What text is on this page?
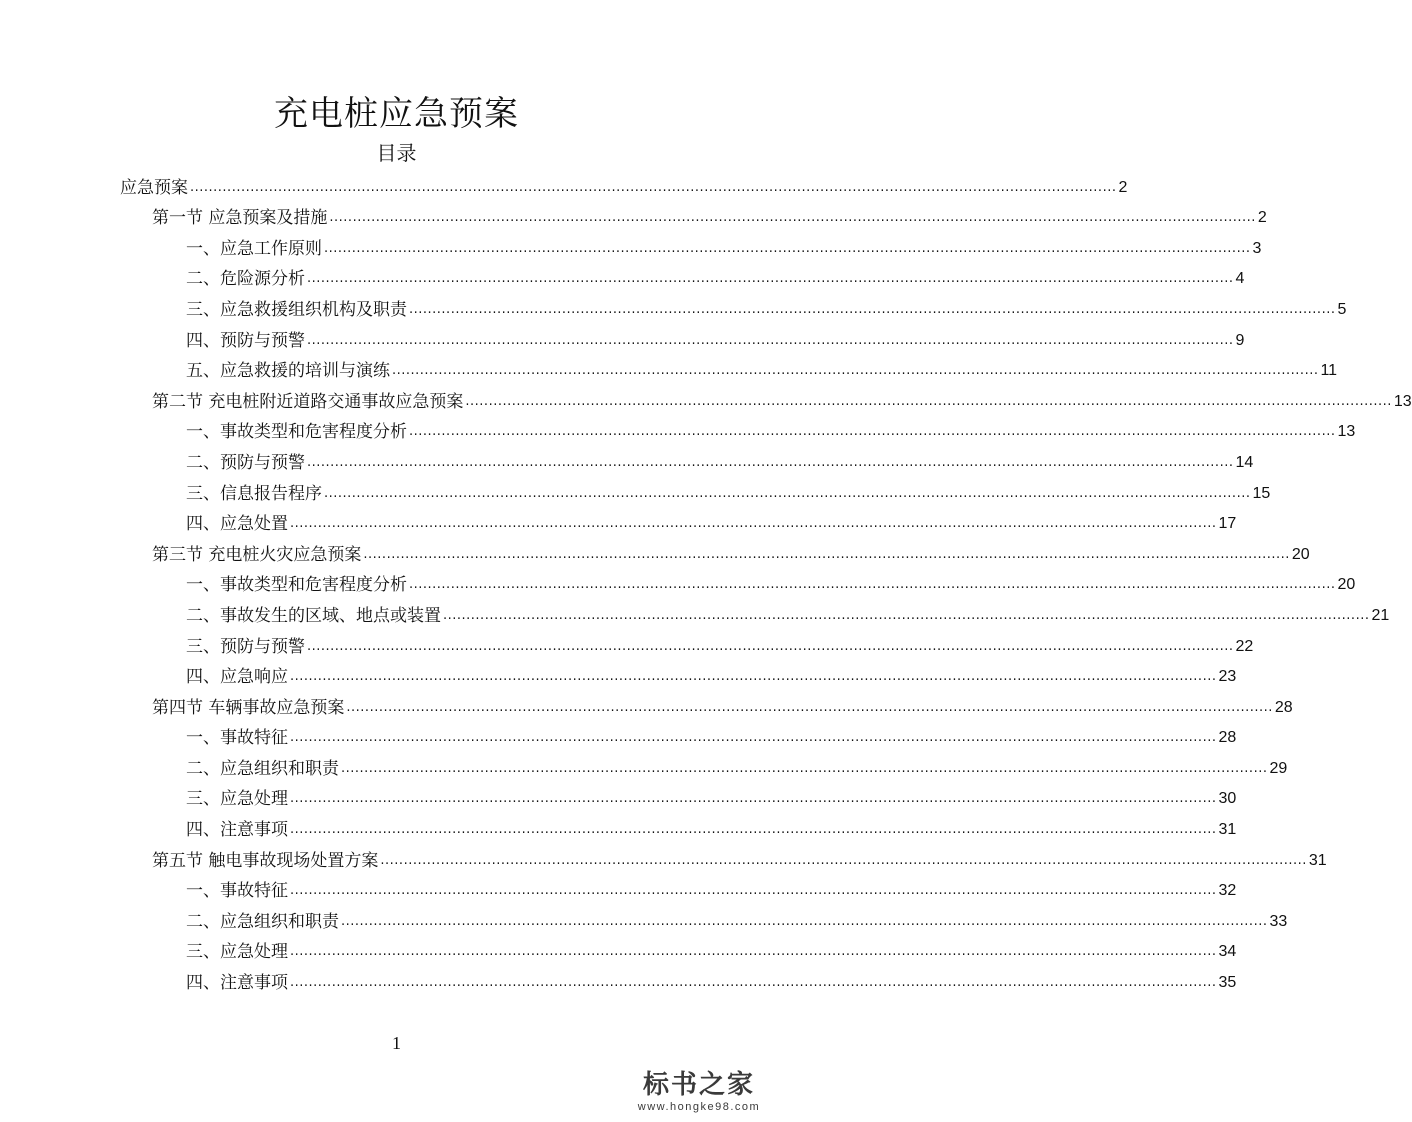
充电桩应急预案
目录
应急预案 ........................................................................................................................................................................................................ 2
第一节 应急预案及措施 ........................................................................................................................................................................................................ 2
一、应急工作原则 ........................................................................................................................................................................................................ 3
二、危险源分析 ........................................................................................................................................................................................................ 4
三、应急救援组织机构及职责 ........................................................................................................................................................................................................ 5
四、预防与预警 ........................................................................................................................................................................................................ 9
五、应急救援的培训与演练 ........................................................................................................................................................................................................ 11
第二节 充电桩附近道路交通事故应急预案 ........................................................................................................................................................................................................ 13
一、事故类型和危害程度分析 ........................................................................................................................................................................................................ 13
二、预防与预警 ........................................................................................................................................................................................................ 14
三、信息报告程序 ........................................................................................................................................................................................................ 15
四、应急处置 ........................................................................................................................................................................................................ 17
第三节 充电桩火灾应急预案 ........................................................................................................................................................................................................ 20
一、事故类型和危害程度分析 ........................................................................................................................................................................................................ 20
二、事故发生的区域、地点或装置 ........................................................................................................................................................................................................ 21
三、预防与预警 ........................................................................................................................................................................................................ 22
四、应急响应 ........................................................................................................................................................................................................ 23
第四节 车辆事故应急预案 ........................................................................................................................................................................................................ 28
一、事故特征 ........................................................................................................................................................................................................ 28
二、应急组织和职责 ........................................................................................................................................................................................................ 29
三、应急处理 ........................................................................................................................................................................................................ 30
四、注意事项 ........................................................................................................................................................................................................ 31
第五节 触电事故现场处置方案 ........................................................................................................................................................................................................ 31
一、事故特征 ........................................................................................................................................................................................................ 32
二、应急组织和职责 ........................................................................................................................................................................................................ 33
三、应急处理 ........................................................................................................................................................................................................ 34
四、注意事项 ........................................................................................................................................................................................................ 35
1
标书之家
www.hongke98.com
